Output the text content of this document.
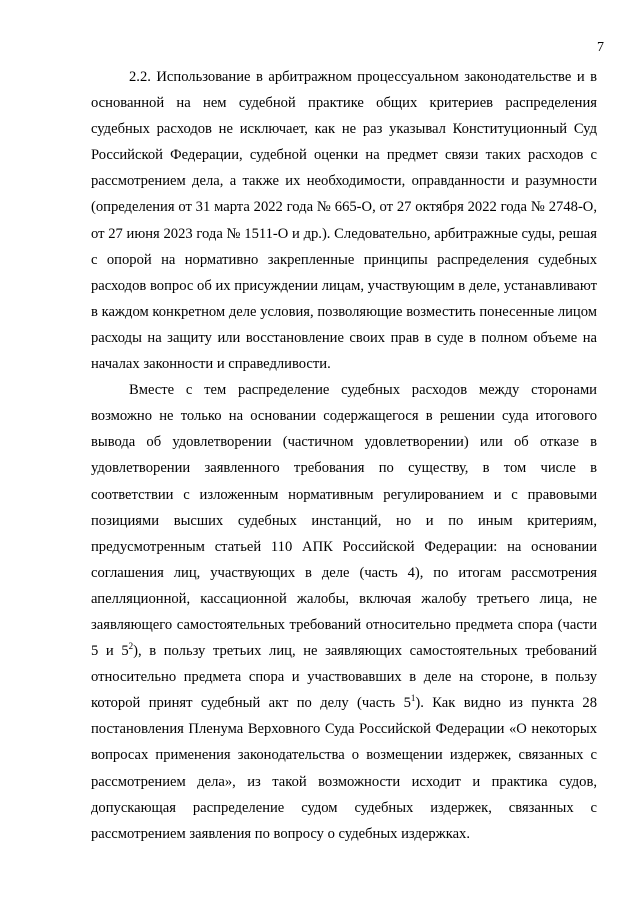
7

2.2. Использование в арбитражном процессуальном законодательстве и в основанной на нем судебной практике общих критериев распределения судебных расходов не исключает, как не раз указывал Конституционный Суд Российской Федерации, судебной оценки на предмет связи таких расходов с рассмотрением дела, а также их необходимости, оправданности и разумности (определения от 31 марта 2022 года № 665-О, от 27 октября 2022 года № 2748-О, от 27 июня 2023 года № 1511-О и др.). Следовательно, арбитражные суды, решая с опорой на нормативно закрепленные принципы распределения судебных расходов вопрос об их присуждении лицам, участвующим в деле, устанавливают в каждом конкретном деле условия, позволяющие возместить понесенные лицом расходы на защиту или восстановление своих прав в суде в полном объеме на началах законности и справедливости.

Вместе с тем распределение судебных расходов между сторонами возможно не только на основании содержащегося в решении суда итогового вывода об удовлетворении (частичном удовлетворении) или об отказе в удовлетворении заявленного требования по существу, в том числе в соответствии с изложенным нормативным регулированием и с правовыми позициями высших судебных инстанций, но и по иным критериям, предусмотренным статьей 110 АПК Российской Федерации: на основании соглашения лиц, участвующих в деле (часть 4), по итогам рассмотрения апелляционной, кассационной жалобы, включая жалобу третьего лица, не заявляющего самостоятельных требований относительно предмета спора (части 5 и $5^2$), в пользу третьих лиц, не заявляющих самостоятельных требований относительно предмета спора и участвовавших в деле на стороне, в пользу которой принят судебный акт по делу (часть $5^1$). Как видно из пункта 28 постановления Пленума Верховного Суда Российской Федерации «О некоторых вопросах применения законодательства о возмещении издержек, связанных с рассмотрением дела», из такой возможности исходит и практика судов, допускающая распределение судом судебных издержек, связанных с рассмотрением заявления по вопросу о судебных издержках.
